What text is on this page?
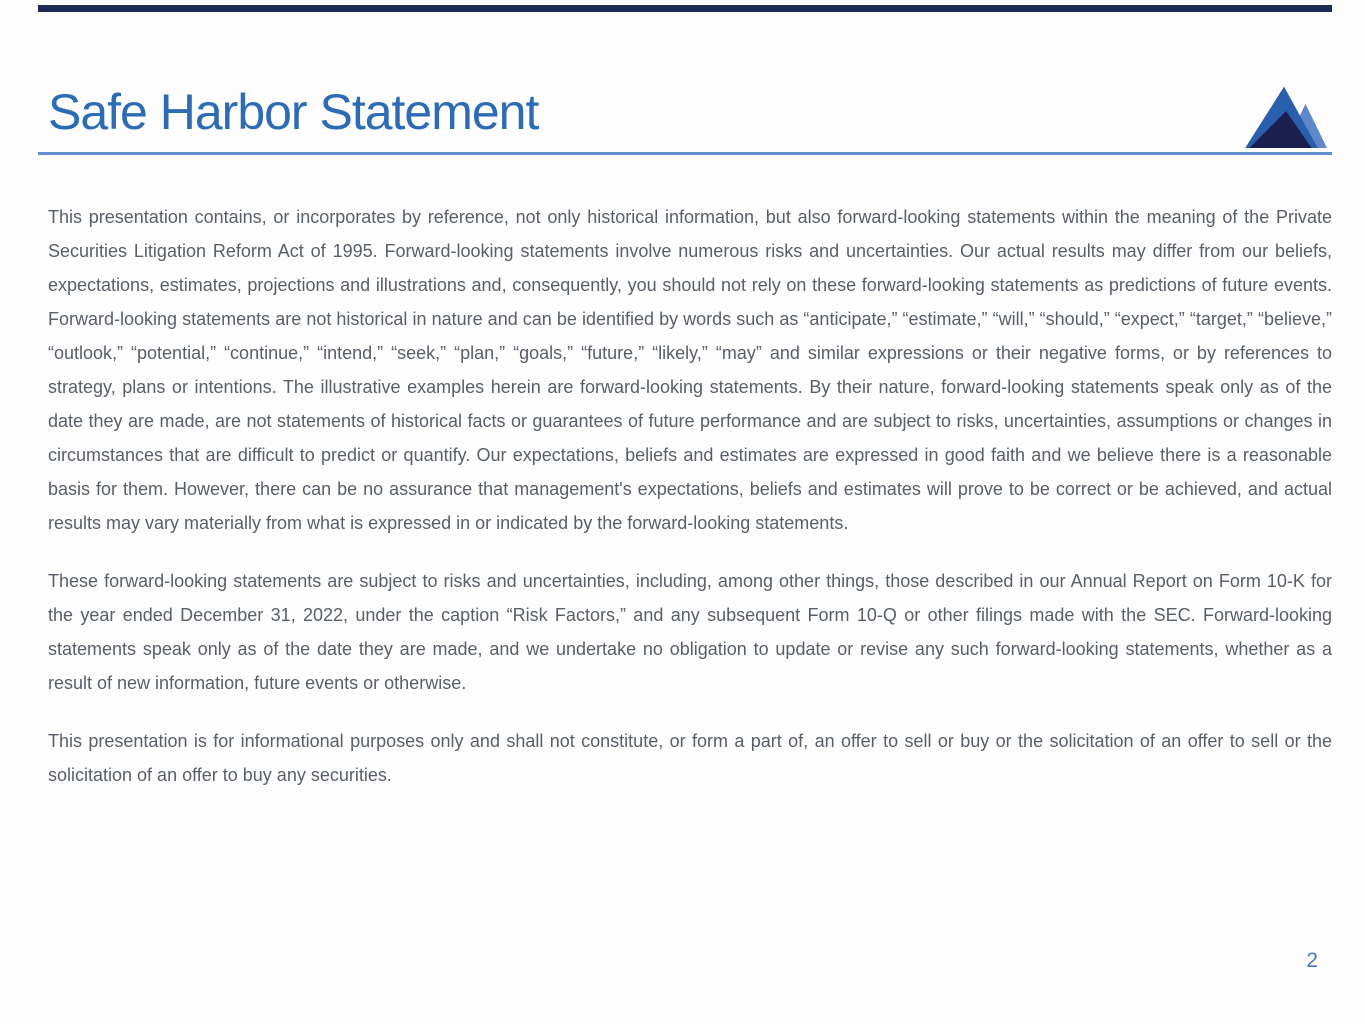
Safe Harbor Statement

This presentation contains, or incorporates by reference, not only historical information, but also forward-looking statements within the meaning of the Private Securities Litigation Reform Act of 1995. Forward-looking statements involve numerous risks and uncertainties. Our actual results may differ from our beliefs, expectations, estimates, projections and illustrations and, consequently, you should not rely on these forward-looking statements as predictions of future events. Forward-looking statements are not historical in nature and can be identified by words such as “anticipate,” “estimate,” “will,” “should,” “expect,” “target,” “believe,” “outlook,” “potential,” “continue,” “intend,” “seek,” “plan,” “goals,” “future,” “likely,” “may” and similar expressions or their negative forms, or by references to strategy, plans or intentions. The illustrative examples herein are forward-looking statements. By their nature, forward-looking statements speak only as of the date they are made, are not statements of historical facts or guarantees of future performance and are subject to risks, uncertainties, assumptions or changes in circumstances that are difficult to predict or quantify. Our expectations, beliefs and estimates are expressed in good faith and we believe there is a reasonable basis for them. However, there can be no assurance that management's expectations, beliefs and estimates will prove to be correct or be achieved, and actual results may vary materially from what is expressed in or indicated by the forward-looking statements.

These forward-looking statements are subject to risks and uncertainties, including, among other things, those described in our Annual Report on Form 10-K for the year ended December 31, 2022, under the caption “Risk Factors,” and any subsequent Form 10-Q or other filings made with the SEC. Forward-looking statements speak only as of the date they are made, and we undertake no obligation to update or revise any such forward-looking statements, whether as a result of new information, future events or otherwise.

This presentation is for informational purposes only and shall not constitute, or form a part of, an offer to sell or buy or the solicitation of an offer to sell or the solicitation of an offer to buy any securities.

2
